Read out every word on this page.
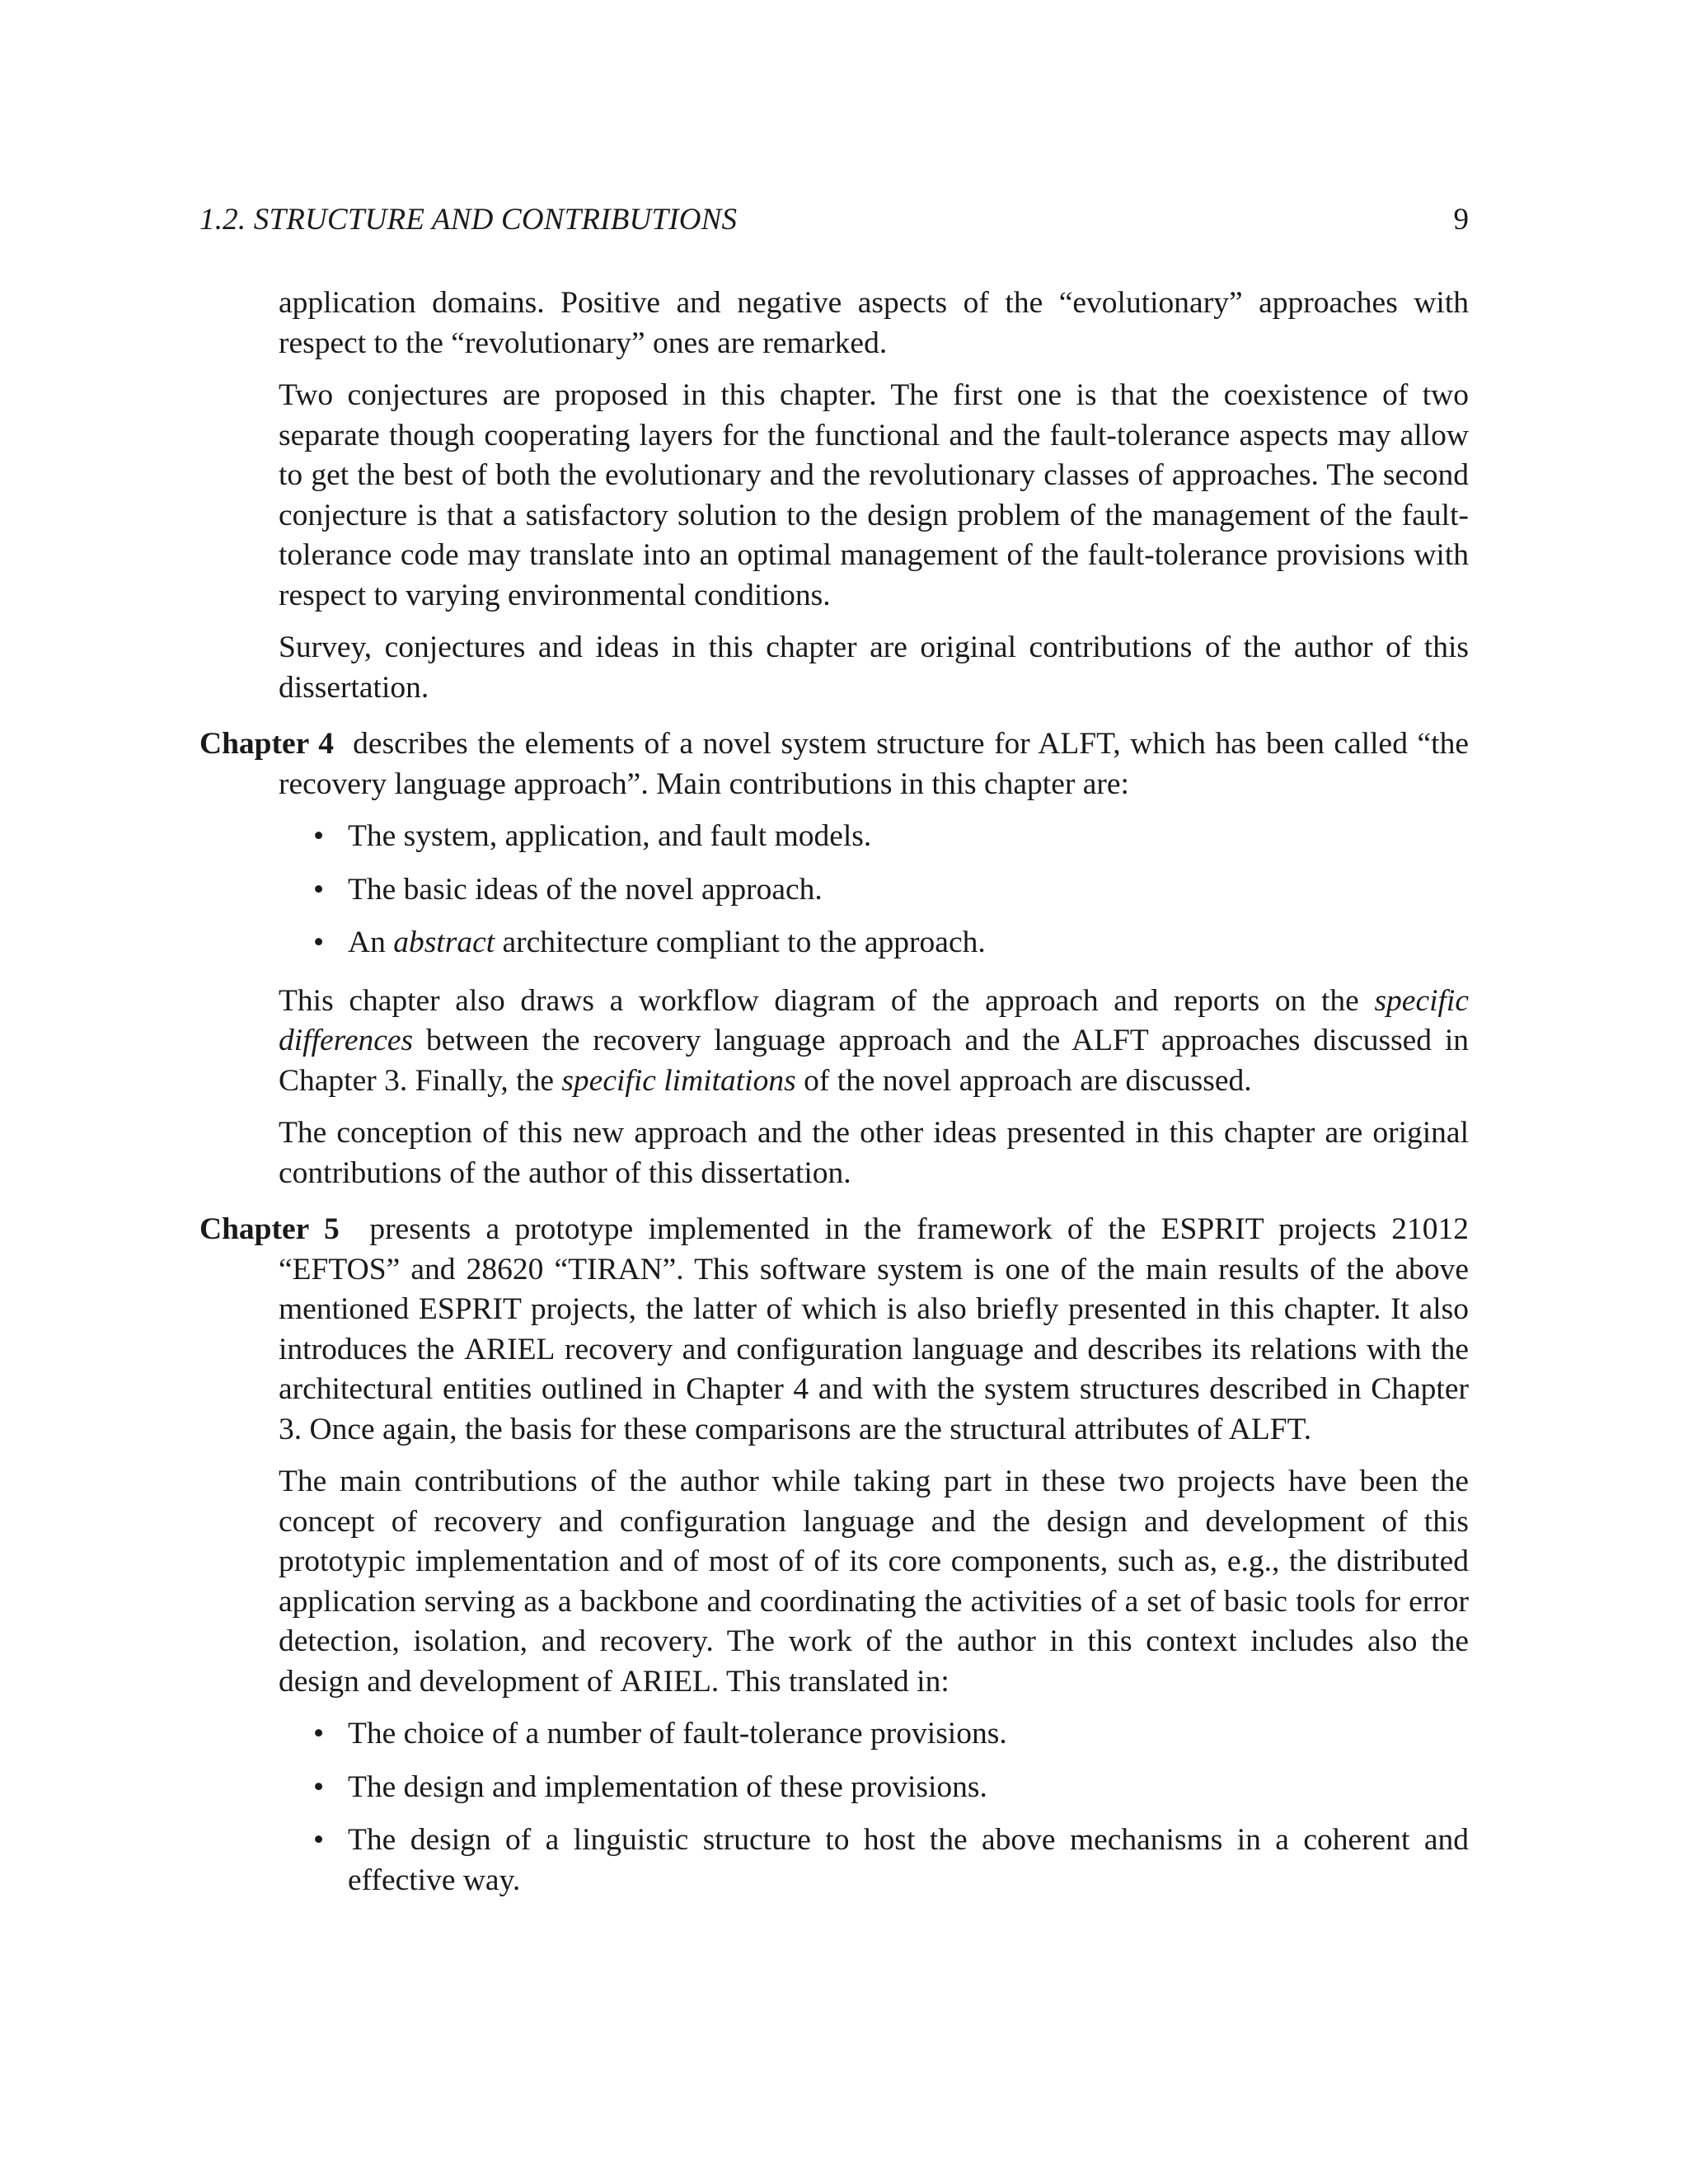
1.2. STRUCTURE AND CONTRIBUTIONS	9

application domains. Positive and negative aspects of the “evolutionary” approaches with respect to the “revolutionary” ones are remarked.

Two conjectures are proposed in this chapter. The first one is that the coexistence of two separate though cooperating layers for the functional and the fault-tolerance aspects may allow to get the best of both the evolutionary and the revolutionary classes of approaches. The second conjecture is that a satisfactory solution to the design problem of the management of the fault-tolerance code may translate into an optimal management of the fault-tolerance provisions with respect to varying environmental conditions.

Survey, conjectures and ideas in this chapter are original contributions of the author of this dissertation.

Chapter 4 describes the elements of a novel system structure for ALFT, which has been called “the recovery language approach”. Main contributions in this chapter are:

• The system, application, and fault models.
• The basic ideas of the novel approach.
• An abstract architecture compliant to the approach.

This chapter also draws a workflow diagram of the approach and reports on the specific differences between the recovery language approach and the ALFT approaches discussed in Chapter 3. Finally, the specific limitations of the novel approach are discussed.

The conception of this new approach and the other ideas presented in this chapter are original contributions of the author of this dissertation.

Chapter 5 presents a prototype implemented in the framework of the ESPRIT projects 21012 “EFTOS” and 28620 “TIRAN”. This software system is one of the main results of the above mentioned ESPRIT projects, the latter of which is also briefly presented in this chapter. It also introduces the ARIEL recovery and configuration language and describes its relations with the architectural entities outlined in Chapter 4 and with the system structures described in Chapter 3. Once again, the basis for these comparisons are the structural attributes of ALFT.

The main contributions of the author while taking part in these two projects have been the concept of recovery and configuration language and the design and development of this prototypic implementation and of most of of its core components, such as, e.g., the distributed application serving as a backbone and coordinating the activities of a set of basic tools for error detection, isolation, and recovery. The work of the author in this context includes also the design and development of ARIEL. This translated in:

• The choice of a number of fault-tolerance provisions.
• The design and implementation of these provisions.
• The design of a linguistic structure to host the above mechanisms in a coherent and effective way.
